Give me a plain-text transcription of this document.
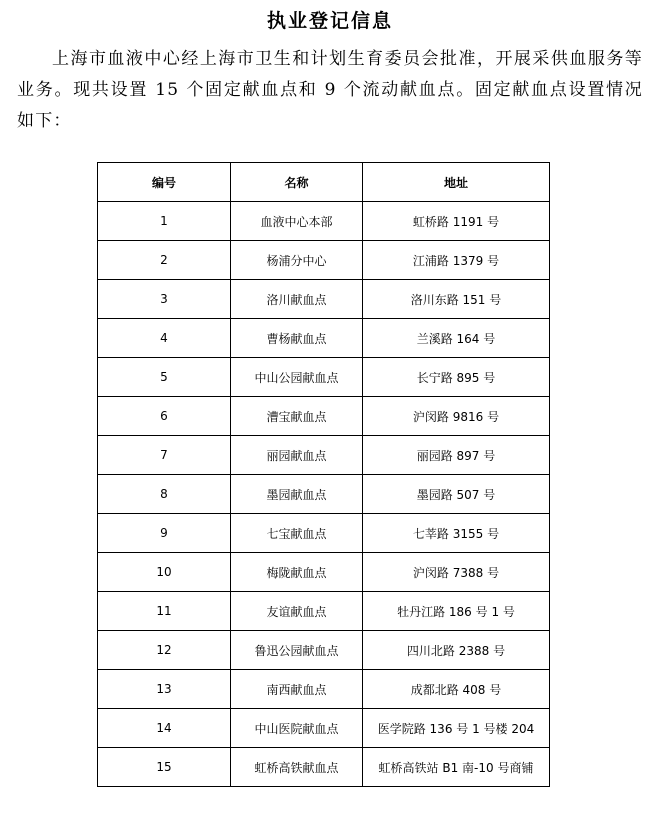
执业登记信息

上海市血液中心经上海市卫生和计划生育委员会批准，开展采供血服务等业务。现共设置 15 个固定献血点和 9 个流动献血点。固定献血点设置情况如下：

编号	名称	地址
1	血液中心本部	虹桥路 1191 号
2	杨浦分中心	江浦路 1379 号
3	洛川献血点	洛川东路 151 号
4	曹杨献血点	兰溪路 164 号
5	中山公园献血点	长宁路 895 号
6	漕宝献血点	沪闵路 9816 号
7	丽园献血点	丽园路 897 号
8	墨园献血点	墨园路 507 号
9	七宝献血点	七莘路 3155 号
10	梅陇献血点	沪闵路 7388 号
11	友谊献血点	牡丹江路 186 号 1 号
12	鲁迅公园献血点	四川北路 2388 号
13	南西献血点	成都北路 408 号
14	中山医院献血点	医学院路 136 号 1 号楼 204
15	虹桥高铁献血点	虹桥高铁站 B1 南-10 号商铺
